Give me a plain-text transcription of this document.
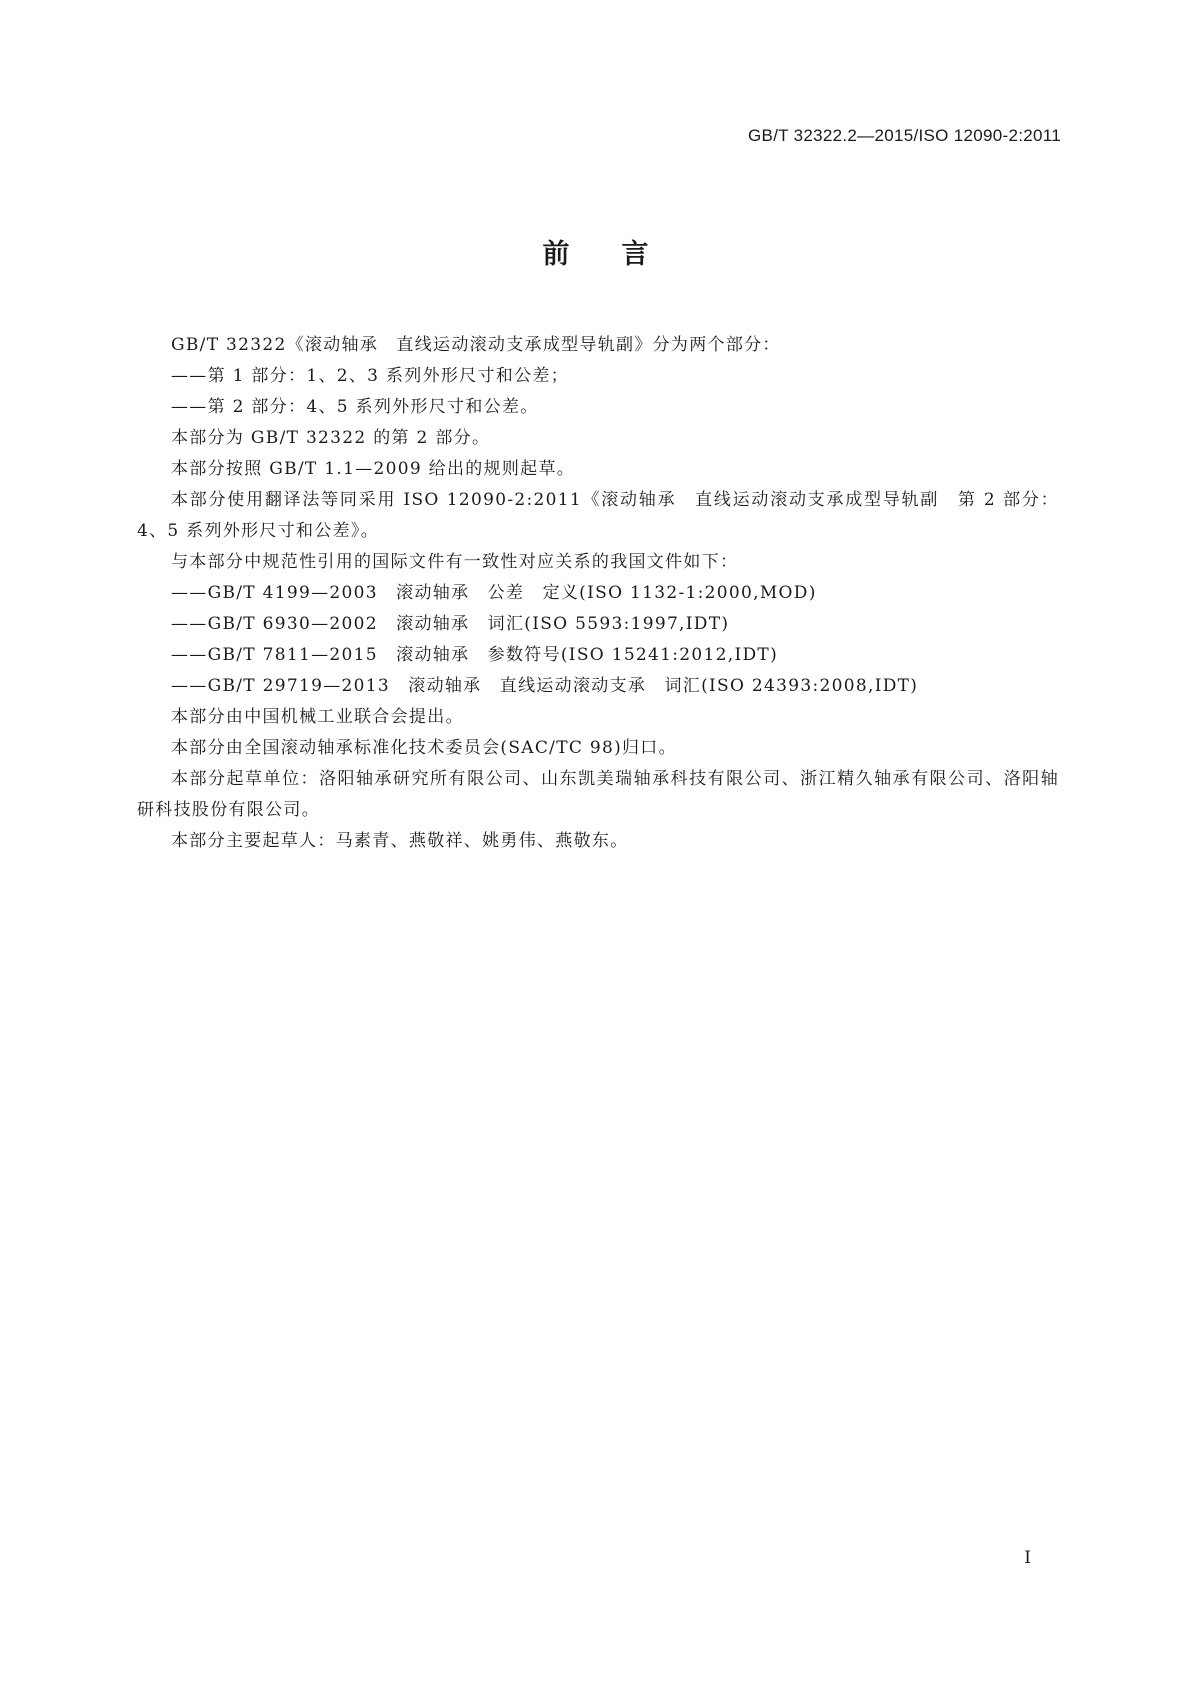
GB/T 32322.2—2015/ISO 12090-2:2011
前言

GB/T 32322《滚动轴承　直线运动滚动支承成型导轨副》分为两个部分：

——第 1 部分：1、2、3 系列外形尺寸和公差；

——第 2 部分：4、5 系列外形尺寸和公差。

本部分为 GB/T 32322 的第 2 部分。

本部分按照 GB/T 1.1—2009 给出的规则起草。

本部分使用翻译法等同采用 ISO 12090-2:2011《滚动轴承　直线运动滚动支承成型导轨副　第 2 部分：4、5 系列外形尺寸和公差》。

与本部分中规范性引用的国际文件有一致性对应关系的我国文件如下：

——GB/T 4199—2003　滚动轴承　公差　定义(ISO 1132-1:2000,MOD)

——GB/T 6930—2002　滚动轴承　词汇(ISO 5593:1997,IDT)

——GB/T 7811—2015　滚动轴承　参数符号(ISO 15241:2012,IDT)

——GB/T 29719—2013　滚动轴承　直线运动滚动支承　词汇(ISO 24393:2008,IDT)

本部分由中国机械工业联合会提出。

本部分由全国滚动轴承标准化技术委员会(SAC/TC 98)归口。

本部分起草单位：洛阳轴承研究所有限公司、山东凯美瑞轴承科技有限公司、浙江精久轴承有限公司、洛阳轴研科技股份有限公司。

本部分主要起草人：马素青、燕敬祥、姚勇伟、燕敬东。

I
